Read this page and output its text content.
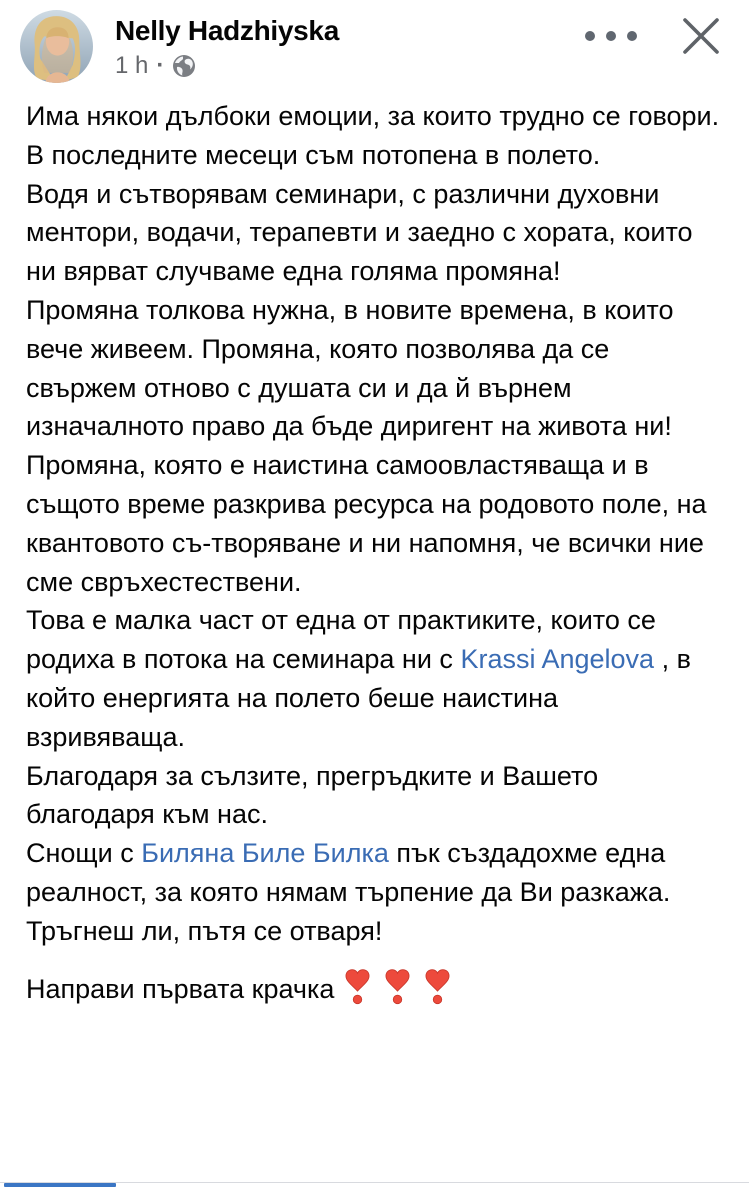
Nelly Hadzhiyska
1 h ·

Има някои дълбоки емоции, за които трудно се говори. В последните месеци съм потопена в полето.

Водя и сътворявам семинари, с различни духовни ментори, водачи, терапевти и заедно с хората, които ни вярват случваме една голяма промяна!

Промяна толкова нужна, в новите времена, в които вече живеем. Промяна, която позволява да се свържем отново с душата си и да й върнем изначалното право да бъде диригент на живота ни! Промяна, която е наистина самоовластяваща и в същото време разкрива ресурса на родовото поле, на квантовото съ-творяване и ни напомня, че всички ние сме свръхестествени.

Това е малка част от една от практиките, които се родиха в потока на семинара ни с Krassi Angelova , в който енергията на полето беше наистина взривяваща.

Благодаря за сълзите, прегръдките и Вашето благодаря към нас.

Снощи с Биляна Биле Билка пък създадохме една реалност, за която нямам търпение да Ви разкажа.

Тръгнеш ли, пътя се отваря!

Направи първата крачка
